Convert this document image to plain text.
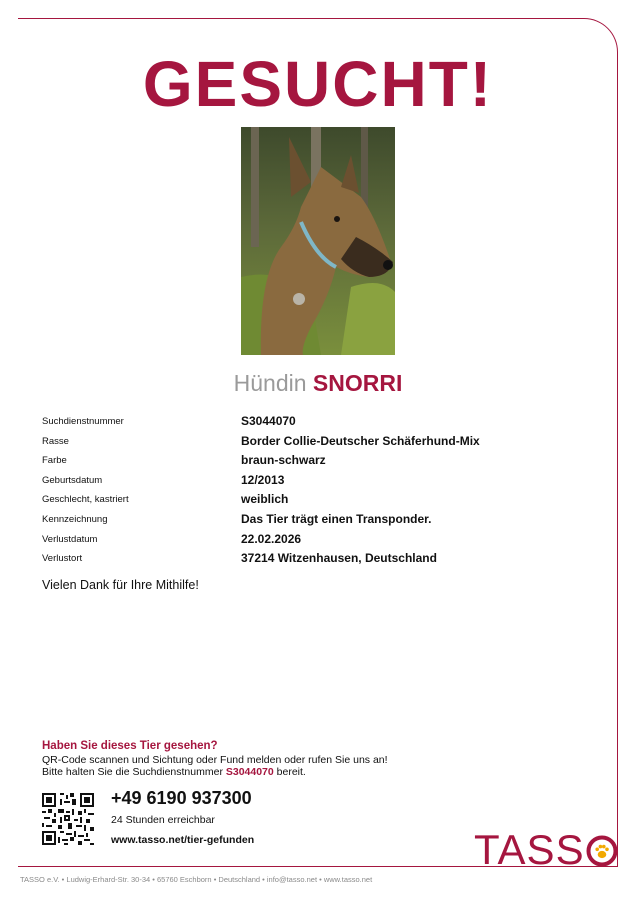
GESUCHT!
Hündin SNORRI
Suchdienstnummer	S3044070
Rasse	Border Collie-Deutscher Schäferhund-Mix
Farbe	braun-schwarz
Geburtsdatum	12/2013
Geschlecht, kastriert	weiblich
Kennzeichnung	Das Tier trägt einen Transponder.
Verlustdatum	22.02.2026
Verlustort	37214 Witzenhausen, Deutschland
Vielen Dank für Ihre Mithilfe!
Haben Sie dieses Tier gesehen?
QR-Code scannen und Sichtung oder Fund melden oder rufen Sie uns an!
Bitte halten Sie die Suchdienstnummer S3044070 bereit.
+49 6190 937300
24 Stunden erreichbar
www.tasso.net/tier-gefunden	TASS
TASSO e.V. • Ludwig-Erhard-Str. 30-34 • 65760 Eschborn • Deutschland • info@tasso.net • www.tasso.net
